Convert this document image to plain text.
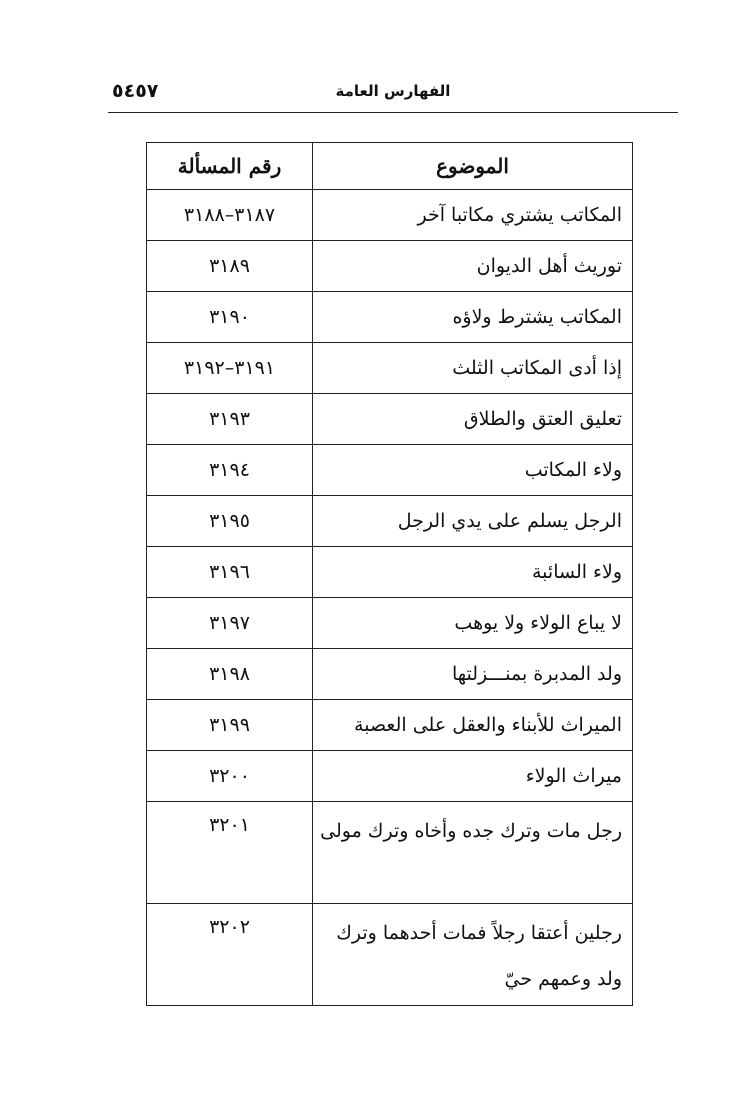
٥٤٥٧	الفهارس العامة
الموضوع	رقم المسألة
المكاتب يشتري مكاتبا آخر	٣١٨٧–٣١٨٨
توريث أهل الديوان	٣١٨٩
المكاتب يشترط ولاؤه	٣١٩٠
إذا أدى المكاتب الثلث	٣١٩١–٣١٩٢
تعليق العتق والطلاق	٣١٩٣
ولاء المكاتب	٣١٩٤
الرجل يسلم على يدي الرجل	٣١٩٥
ولاء السائبة	٣١٩٦
لا يباع الولاء ولا يوهب	٣١٩٧
ولد المدبرة بمنـــزلتها	٣١٩٨
الميراث للأبناء والعقل على العصبة	٣١٩٩
ميراث الولاء	٣٢٠٠
رجل مات وترك جده وأخاه وترك مولى	٣٢٠١
رجلين أعتقا رجلاً فمات أحدهما وترك ولد وعمهم حيّ	٣٢٠٢
